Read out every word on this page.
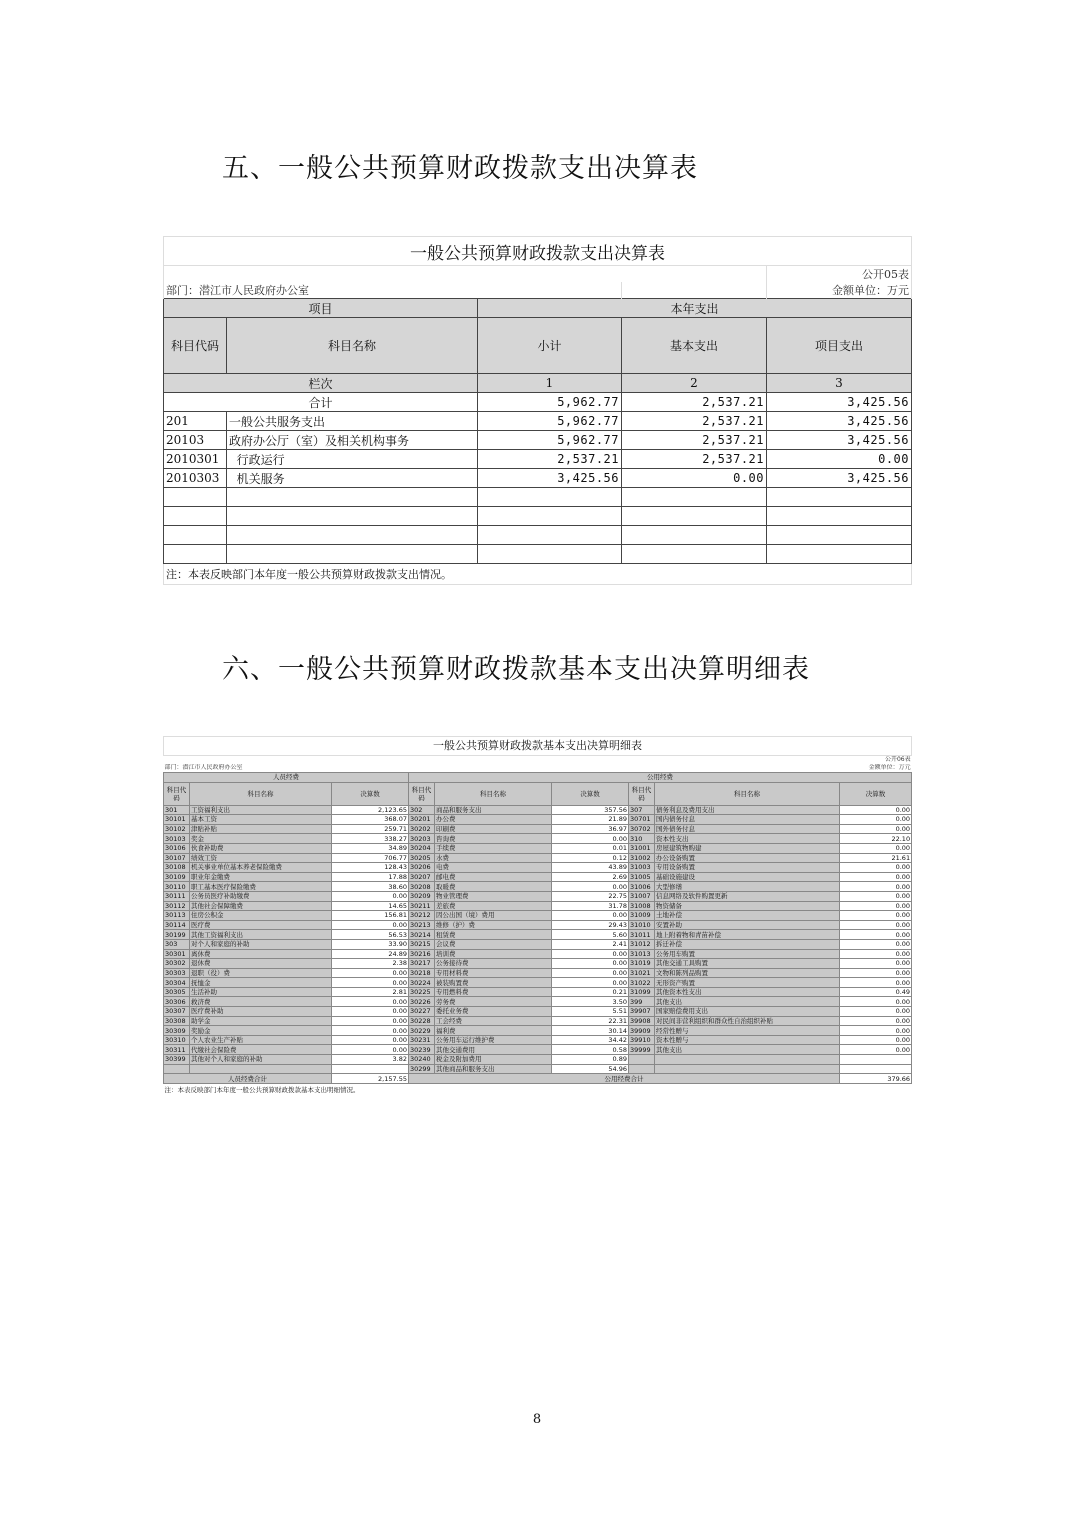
五、一般公共预算财政拨款支出决算表
一般公共预算财政拨款支出决算表				
				公开05表
部门：潜江市人民政府办公室				金额单位：万元
项目		本年支出		
科目代码	科目名称	小计	基本支出	项目支出
栏次		1	2	3
合计		5,962.77	2,537.21	3,425.56
201	一般公共服务支出	5,962.77	2,537.21	3,425.56
20103	政府办公厅（室）及相关机构事务	5,962.77	2,537.21	3,425.56
2010301	行政运行	2,537.21	2,537.21	0.00
2010303	机关服务	3,425.56	0.00	3,425.56

注：本表反映部门本年度一般公共预算财政拨款支出情况。				
六、一般公共预算财政拨款基本支出决算明细表
一般公共预算财政拨款基本支出决算明细表								
								公开06表
部门：潜江市人民政府办公室								金额单位：万元
人员经费			公用经费					
科目代码	科目名称	决算数	科目代码	科目名称	决算数	科目代码	科目名称	决算数
301	工资福利支出	2,123.65	302	商品和服务支出	357.56	307	债务利息及费用支出	0.00
30101	基本工资	368.07	30201	办公费	21.89	30701	国内债务付息	0.00
30102	津贴补贴	259.71	30202	印刷费	36.97	30702	国外债务付息	0.00
30103	奖金	338.27	30203	咨询费	0.00	310	资本性支出	22.10
30106	伙食补助费	34.89	30204	手续费	0.01	31001	房屋建筑物购建	0.00
30107	绩效工资	706.77	30205	水费	0.12	31002	办公设备购置	21.61
30108	机关事业单位基本养老保险缴费	128.43	30206	电费	43.89	31003	专用设备购置	0.00
30109	职业年金缴费	17.88	30207	邮电费	2.69	31005	基础设施建设	0.00
30110	职工基本医疗保险缴费	38.60	30208	取暖费	0.00	31006	大型修缮	0.00
30111	公务员医疗补助缴费	0.00	30209	物业管理费	22.75	31007	信息网络及软件购置更新	0.00
30112	其他社会保障缴费	14.65	30211	差旅费	31.78	31008	物资储备	0.00
30113	住房公积金	156.81	30212	因公出国（境）费用	0.00	31009	土地补偿	0.00
30114	医疗费	0.00	30213	维修（护）费	29.43	31010	安置补助	0.00
30199	其他工资福利支出	56.53	30214	租赁费	5.60	31011	地上附着物和青苗补偿	0.00
303	对个人和家庭的补助	33.90	30215	会议费	2.41	31012	拆迁补偿	0.00
30301	离休费	24.89	30216	培训费	0.00	31013	公务用车购置	0.00
30302	退休费	2.38	30217	公务接待费	0.00	31019	其他交通工具购置	0.00
30303	退职（役）费	0.00	30218	专用材料费	0.00	31021	文物和陈列品购置	0.00
30304	抚恤金	0.00	30224	被装购置费	0.00	31022	无形资产购置	0.00
30305	生活补助	2.81	30225	专用燃料费	0.21	31099	其他资本性支出	0.49
30306	救济费	0.00	30226	劳务费	3.50	399	其他支出	0.00
30307	医疗费补助	0.00	30227	委托业务费	5.51	39907	国家赔偿费用支出	0.00
30308	助学金	0.00	30228	工会经费	22.31	39908	对民间非营利组织和群众性自治组织补贴	0.00
30309	奖励金	0.00	30229	福利费	30.14	39909	经常性赠与	0.00
30310	个人农业生产补贴	0.00	30231	公务用车运行维护费	34.42	39910	资本性赠与	0.00
30311	代缴社会保险费	0.00	30239	其他交通费用	0.58	39999	其他支出	0.00
30399	其他对个人和家庭的补助	3.82	30240	税金及附加费用	0.89			
			30299	其他商品和服务支出	54.96			
人员经费合计		2,157.55	公用经费合计					379.66
注：本表反映部门本年度一般公共预算财政拨款基本支出明细情况。								
8
